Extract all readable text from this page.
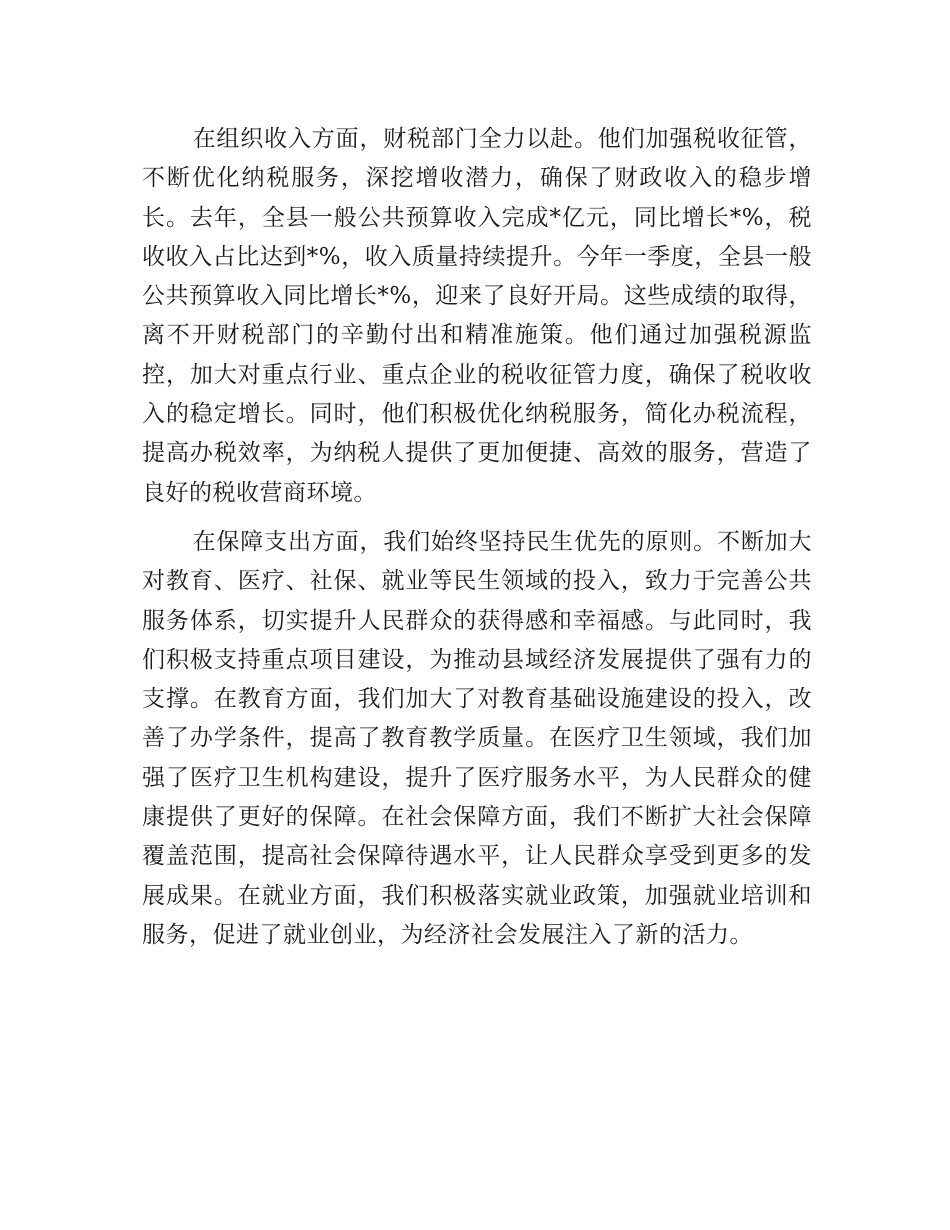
在组织收入方面，财税部门全力以赴。他们加强税收征管，不断优化纳税服务，深挖增收潜力，确保了财政收入的稳步增长。去年，全县一般公共预算收入完成*亿元，同比增长*%，税收收入占比达到*%，收入质量持续提升。今年一季度，全县一般公共预算收入同比增长*%，迎来了良好开局。这些成绩的取得，离不开财税部门的辛勤付出和精准施策。他们通过加强税源监控，加大对重点行业、重点企业的税收征管力度，确保了税收收入的稳定增长。同时，他们积极优化纳税服务，简化办税流程，提高办税效率，为纳税人提供了更加便捷、高效的服务，营造了良好的税收营商环境。

在保障支出方面，我们始终坚持民生优先的原则。不断加大对教育、医疗、社保、就业等民生领域的投入，致力于完善公共服务体系，切实提升人民群众的获得感和幸福感。与此同时，我们积极支持重点项目建设，为推动县域经济发展提供了强有力的支撑。在教育方面，我们加大了对教育基础设施建设的投入，改善了办学条件，提高了教育教学质量。在医疗卫生领域，我们加强了医疗卫生机构建设，提升了医疗服务水平，为人民群众的健康提供了更好的保障。在社会保障方面，我们不断扩大社会保障覆盖范围，提高社会保障待遇水平，让人民群众享受到更多的发展成果。在就业方面，我们积极落实就业政策，加强就业培训和服务，促进了就业创业，为经济社会发展注入了新的活力。
